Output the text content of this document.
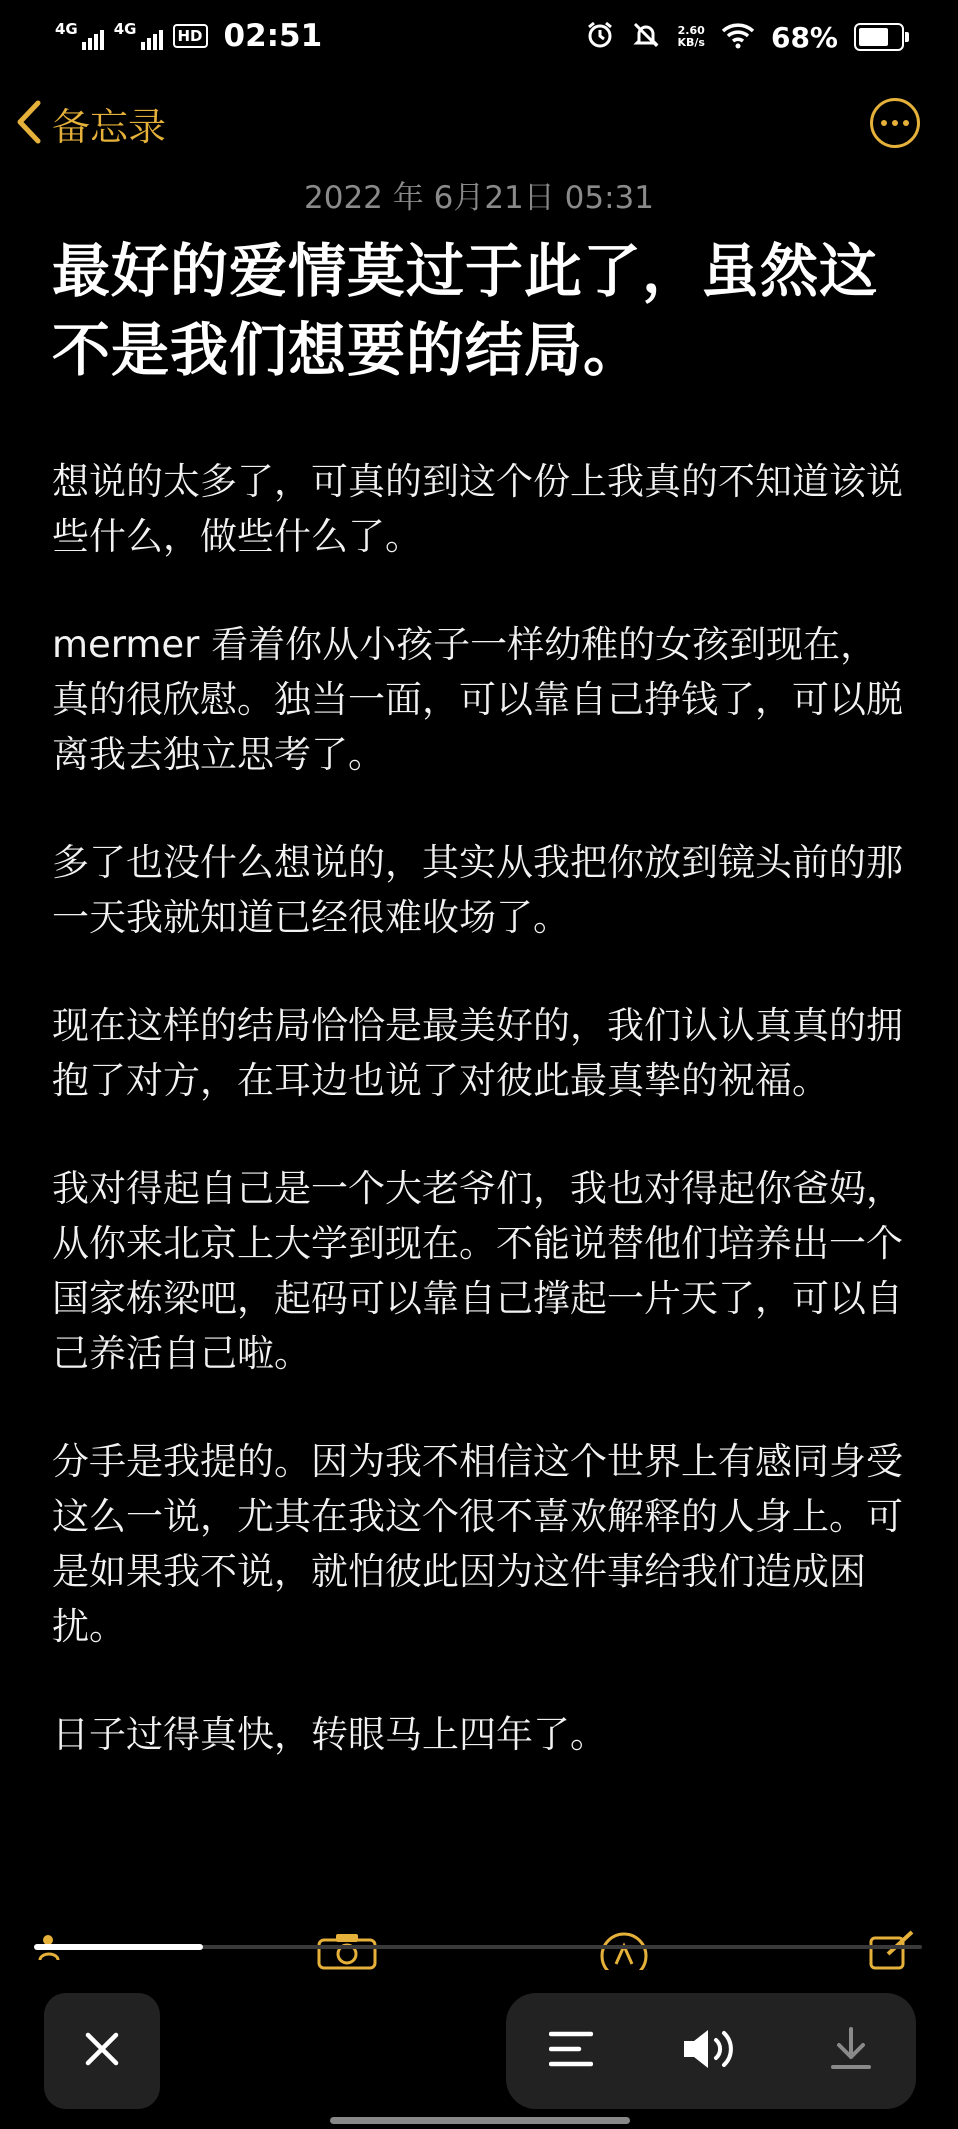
4G 4G	HD 02:51	2.60
KB/s 68%
备忘录
2022 年 6月21日 05:31
最好的爱情莫过于此了，虽然这不是我们想要的结局。

想说的太多了，可真的到这个份上我真的不知道该说些什么，做些什么了。

mermer 看着你从小孩子一样幼稚的女孩到现在，真的很欣慰。独当一面，可以靠自己挣钱了，可以脱离我去独立思考了。

多了也没什么想说的，其实从我把你放到镜头前的那一天我就知道已经很难收场了。

现在这样的结局恰恰是最美好的，我们认认真真的拥抱了对方，在耳边也说了对彼此最真挚的祝福。

我对得起自己是一个大老爷们，我也对得起你爸妈，从你来北京上大学到现在。不能说替他们培养出一个国家栋梁吧，起码可以靠自己撑起一片天了，可以自己养活自己啦。

分手是我提的。因为我不相信这个世界上有感同身受这么一说，尤其在我这个很不喜欢解释的人身上。可是如果我不说，就怕彼此因为这件事给我们造成困扰。

日子过得真快，转眼马上四年了。
